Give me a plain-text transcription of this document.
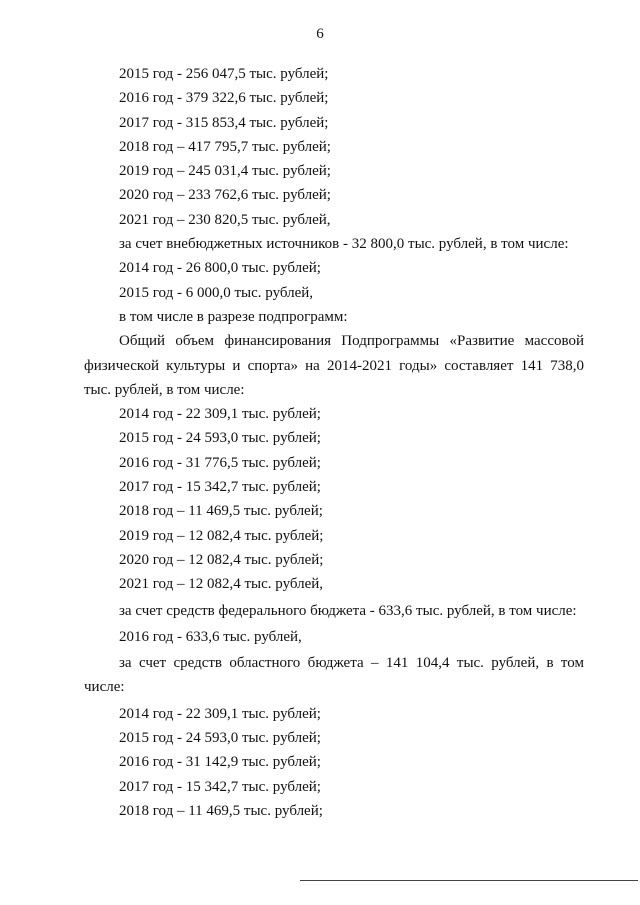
6
2015 год - 256 047,5 тыс. рублей;
2016 год - 379 322,6 тыс. рублей;
2017 год - 315 853,4 тыс. рублей;
2018 год – 417 795,7 тыс. рублей;
2019 год – 245 031,4 тыс. рублей;
2020 год – 233 762,6 тыс. рублей;
2021 год – 230 820,5 тыс. рублей,
за счет внебюджетных источников - 32 800,0 тыс. рублей, в том числе:
2014 год - 26 800,0 тыс. рублей;
2015 год - 6 000,0 тыс. рублей,
в том числе в разрезе подпрограмм:
Общий объем финансирования Подпрограммы «Развитие массовой физической культуры и спорта» на 2014-2021 годы» составляет 141 738,0 тыс. рублей, в том числе:
2014 год - 22 309,1 тыс. рублей;
2015 год - 24 593,0 тыс. рублей;
2016 год - 31 776,5 тыс. рублей;
2017 год - 15 342,7 тыс. рублей;
2018 год – 11 469,5 тыс. рублей;
2019 год – 12 082,4 тыс. рублей;
2020 год – 12 082,4 тыс. рублей;
2021 год – 12 082,4 тыс. рублей,
за счет средств федерального бюджета - 633,6 тыс. рублей, в том числе:
2016 год - 633,6 тыс. рублей,
за счет средств областного бюджета – 141 104,4 тыс. рублей, в том числе:
2014 год - 22 309,1 тыс. рублей;
2015 год - 24 593,0 тыс. рублей;
2016 год - 31 142,9 тыс. рублей;
2017 год - 15 342,7 тыс. рублей;
2018 год – 11 469,5 тыс. рублей;
